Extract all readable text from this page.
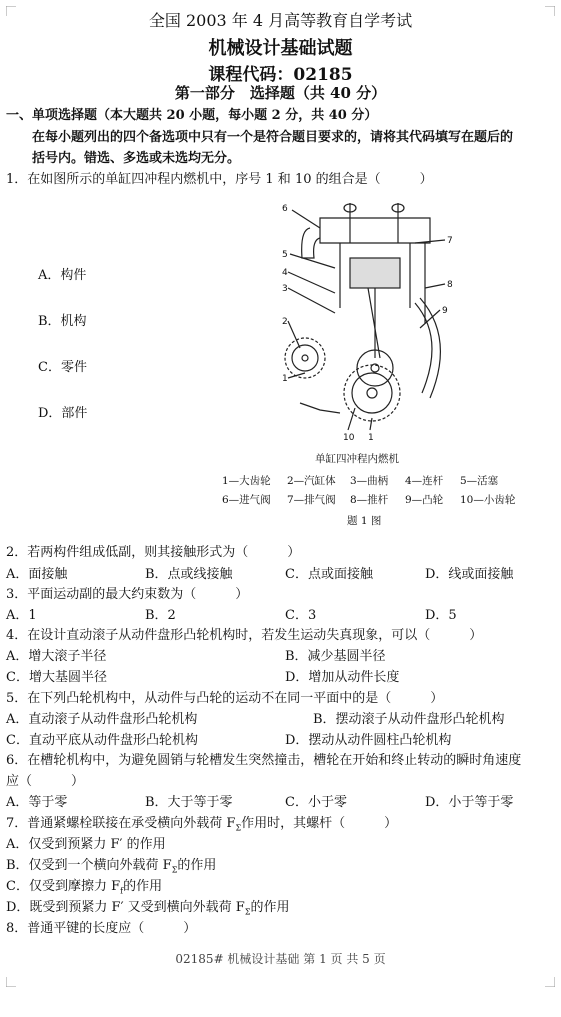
全国 2003 年 4 月高等教育自学考试
机械设计基础试题
课程代码：02185
第一部分　选择题（共 40 分）
一、单项选择题（本大题共 20 小题，每小题 2 分，共 40 分）
在每小题列出的四个备选项中只有一个是符合题目要求的，请将其代码填写在题后的
括号内。错选、多选或未选均无分。
1．在如图所示的单缸四冲程内燃机中，序号 1 和 10 的组合是（　　　）
A．构件
B．机构
C．零件
D．部件
6
5
4
3
2
1
7
8
9
10 1
单缸四冲程内燃机
1—大齿轮 2—汽缸体 3—曲柄 4—连杆 5—活塞
6—进气阀 7—排气阀 8—推杆 9—凸轮 10—小齿轮
题 1 图
2．若两构件组成低副，则其接触形式为（　　　）
A．面接触	B．点或线接触	C．点或面接触	D．线或面接触
3．平面运动副的最大约束数为（　　　）
A．1	B．2	C．3	D．5
4．在设计直动滚子从动件盘形凸轮机构时，若发生运动失真现象，可以（　　　）
A．增大滚子半径	B．减少基圆半径
C．增大基圆半径	D．增加从动件长度
5．在下列凸轮机构中，从动件与凸轮的运动不在同一平面中的是（　　　）
A．直动滚子从动件盘形凸轮机构	B．摆动滚子从动件盘形凸轮机构
C．直动平底从动件盘形凸轮机构	D．摆动从动件圆柱凸轮机构
6．在槽轮机构中，为避免圆销与轮槽发生突然撞击，槽轮在开始和终止转动的瞬时角速度
应（　　　）
A．等于零	B．大于等于零	C．小于零	D．小于等于零
7．普通紧螺栓联接在承受横向外载荷 $F_\Sigma$作用时，其螺杆（　　　）
A．仅受到预紧力 F′ 的作用
B．仅受到一个横向外载荷 $F_\Sigma$的作用
C．仅受到摩擦力 $F_f$的作用
D．既受到预紧力 F′ 又受到横向外载荷 $F_\Sigma$的作用
8．普通平键的长度应（　　　）
02185# 机械设计基础 第 1 页 共 5 页
